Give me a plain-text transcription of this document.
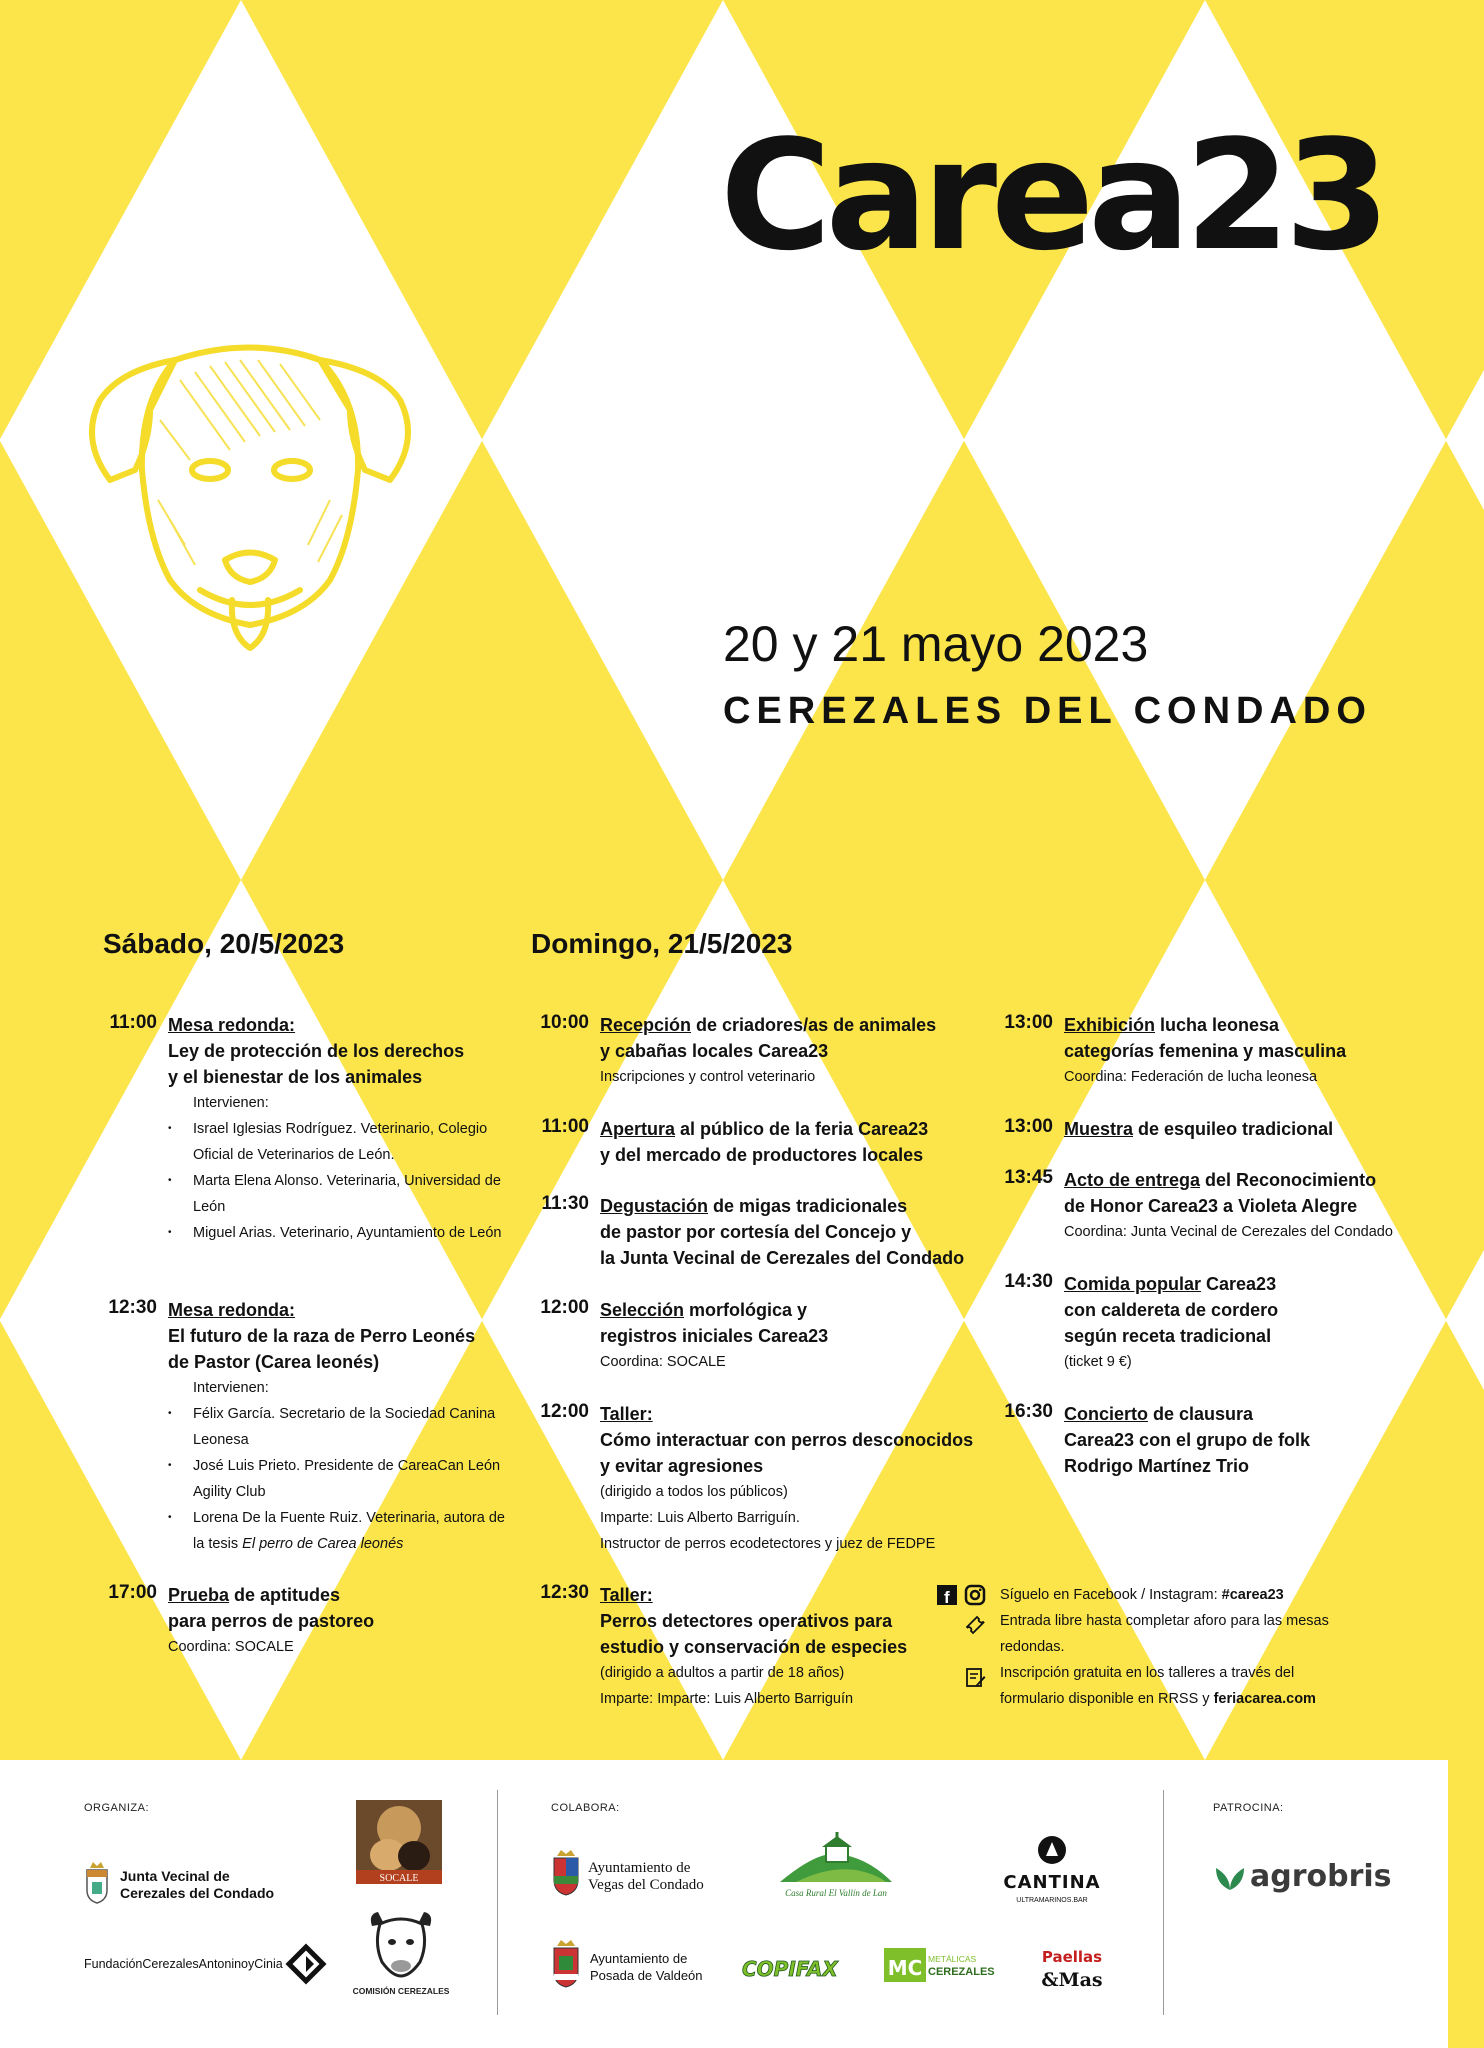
Carea23
20 y 21 mayo 2023
CEREZALES DEL CONDADO
Sábado, 20/5/2023	Domingo, 21/5/2023
11:00 Mesa redonda:
Ley de protección de los derechos
y el bienestar de los animales
Intervienen:
• Israel Iglesias Rodríguez. Veterinario, Colegio Oficial de Veterinarios de León.
• Marta Elena Alonso. Veterinaria, Universidad de León
• Miguel Arias. Veterinario, Ayuntamiento de León
12:30 Mesa redonda:
El futuro de la raza de Perro Leonés
de Pastor (Carea leonés)
Intervienen:
• Félix García. Secretario de la Sociedad Canina Leonesa
• José Luis Prieto. Presidente de CareaCan León Agility Club
• Lorena De la Fuente Ruiz. Veterinaria, autora de la tesis El perro de Carea leonés
17:00 Prueba de aptitudes
para perros de pastoreo
Coordina: SOCALE
10:00 Recepción de criadores/as de animales
y cabañas locales Carea23
Inscripciones y control veterinario
11:00 Apertura al público de la feria Carea23
y del mercado de productores locales
11:30 Degustación de migas tradicionales
de pastor por cortesía del Concejo y
la Junta Vecinal de Cerezales del Condado
12:00 Selección morfológica y
registros iniciales Carea23
Coordina: SOCALE
12:00 Taller:
Cómo interactuar con perros desconocidos
y evitar agresiones
(dirigido a todos los públicos)
Imparte: Luis Alberto Barriguín.
Instructor de perros ecodetectores y juez de FEDPE
12:30 Taller:
Perros detectores operativos para
estudio y conservación de especies
(dirigido a adultos a partir de 18 años)
Imparte: Imparte: Luis Alberto Barriguín
13:00 Exhibición lucha leonesa
categorías femenina y masculina
Coordina: Federación de lucha leonesa
13:00 Muestra de esquileo tradicional
13:45 Acto de entrega del Reconocimiento
de Honor Carea23 a Violeta Alegre
Coordina: Junta Vecinal de Cerezales del Condado
14:30 Comida popular Carea23
con caldereta de cordero
según receta tradicional
(ticket 9 €)
16:30 Concierto de clausura
Carea23 con el grupo de folk
Rodrigo Martínez Trio
f	Síguelo en Facebook / Instagram: #carea23
Entrada libre hasta completar aforo para las mesas redondas.
Inscripción gratuita en los talleres a través del formulario disponible en RRSS y feriacarea.com
ORGANIZA:	COLABORA:	PATROCINA:
Junta Vecinal de
Cerezales del Condado
FundaciónCerezalesAntoninoyCinia
SOCALE
COMISIÓN CEREZALES
Ayuntamiento de
Vegas del Condado
Ayuntamiento de
Posada de Valdeón
Casa Rural El Vallín de Lan	CANTINA
ULTRAMARINOS.BAR
COPIFAX MC METÁLICAS
CEREZALES
Paellas
&Mas
agrobris
